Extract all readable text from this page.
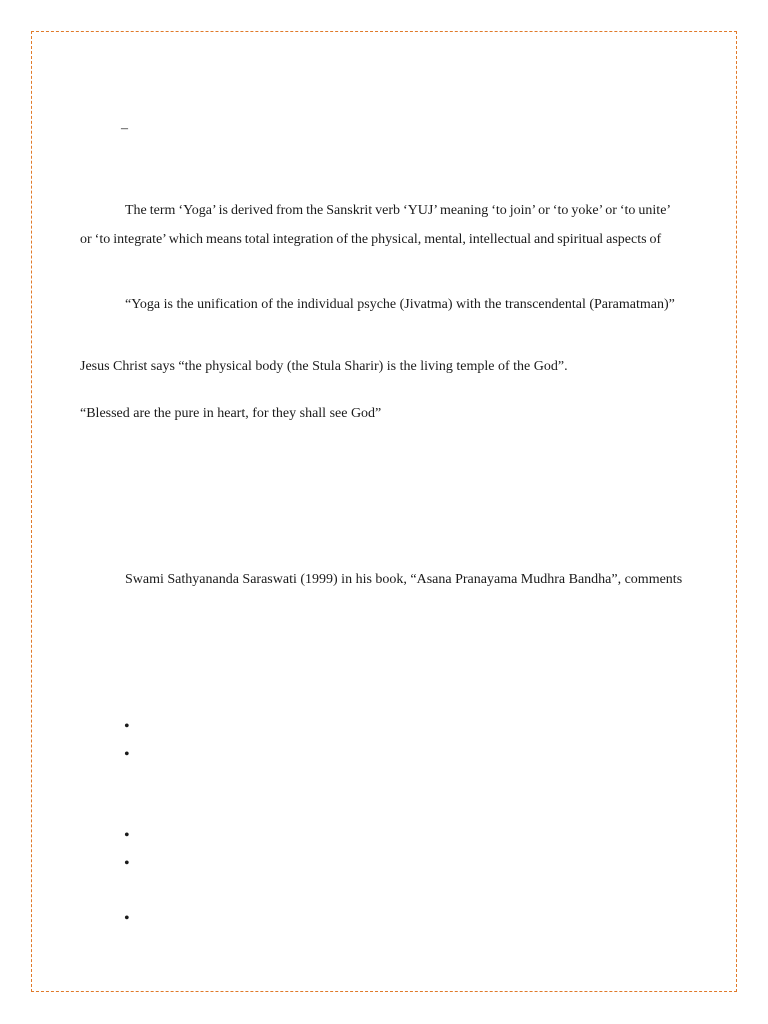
–

The term ‘Yoga’ is derived from the Sanskrit verb ‘YUJ’ meaning ‘to join’ or ‘to yoke’ or ‘to unite’

or ‘to integrate’ which means total integration of the physical, mental, intellectual and spiritual aspects of

“Yoga is the unification of the individual psyche (Jivatma) with the transcendental (Paramatman)”

Jesus Christ says “the physical body (the Stula Sharir) is the living temple of the God”.

“Blessed are the pure in heart, for they shall see God”

Swami Sathyananda Saraswati (1999) in his book, “Asana Pranayama Mudhra Bandha”, comments

•

•

•

•

•
